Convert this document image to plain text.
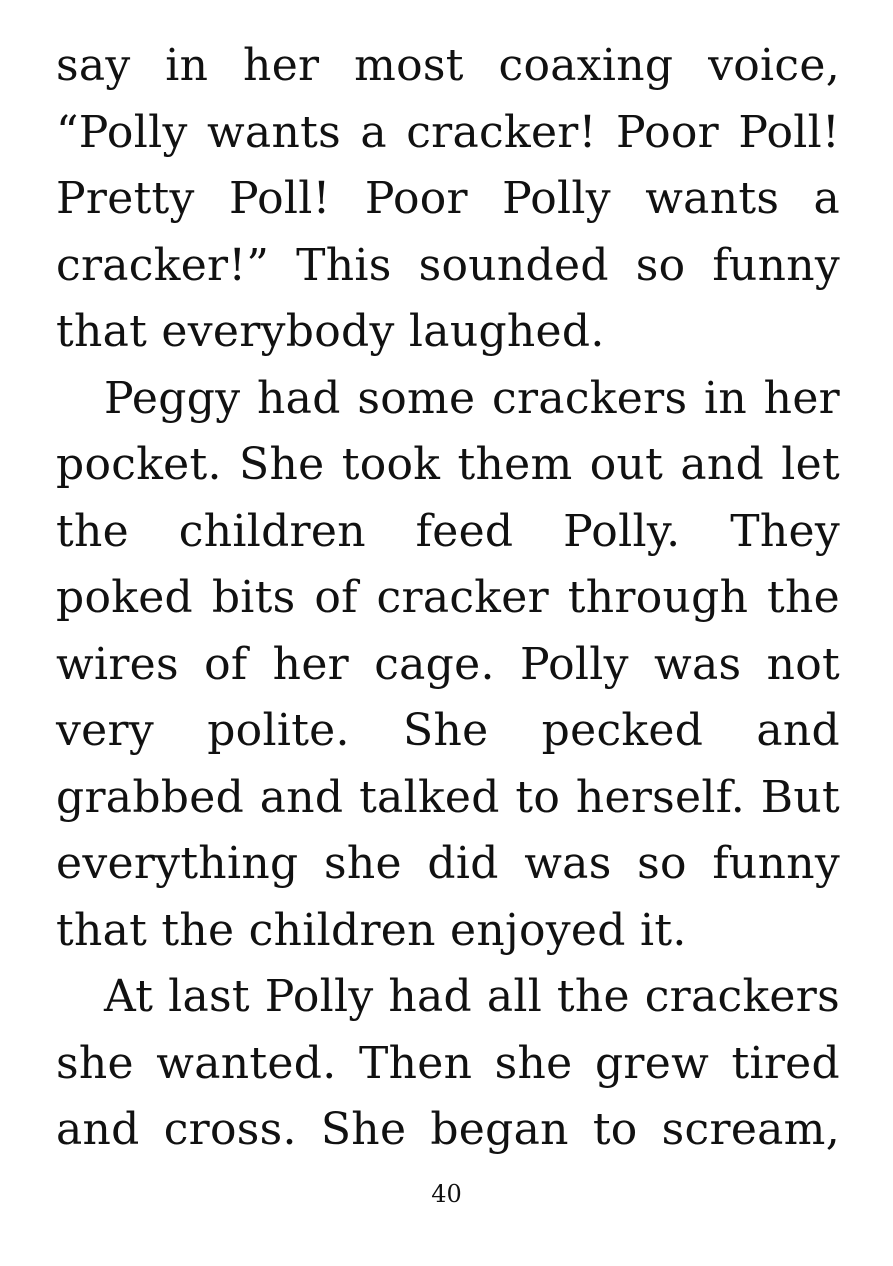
say in her most coaxing voice,
“Polly wants a cracker! Poor Poll!
Pretty Poll! Poor Polly wants a
cracker!” This sounded so funny
that everybody laughed.
Peggy had some crackers in her
pocket. She took them out and let
the children feed Polly. They
poked bits of cracker through the
wires of her cage. Polly was not
very polite. She pecked and
grabbed and talked to herself. But
everything she did was so funny
that the children enjoyed it.
At last Polly had all the crackers
she wanted. Then she grew tired
and cross. She began to scream,
40
